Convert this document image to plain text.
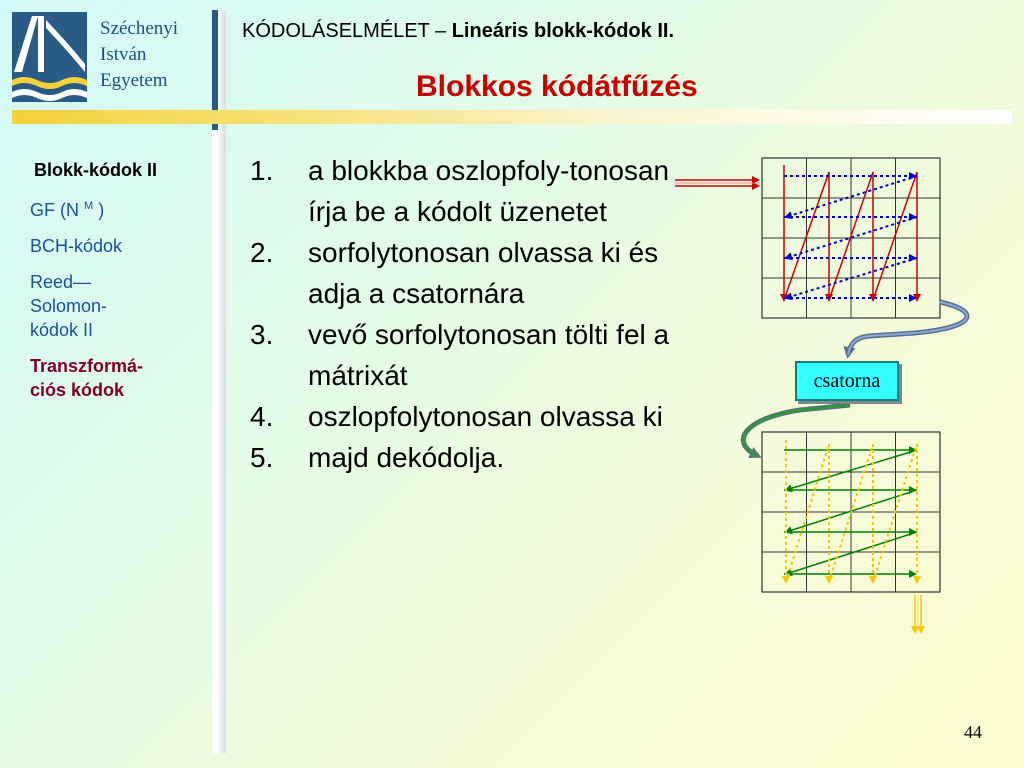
Széchenyi
István
Egyetem
KÓDOLÁSELMÉLET – Lineáris blokk-kódok II.
Blokkos kódátfűzés
Blokk-kódok II
GF (N $^M$ )
BCH-kódok
Reed—
Solomon-
kódok II
Transzformá-
ciós kódok
1.	a blokkba oszlopfoly-tonosan írja be a kódolt üzenetet
2.	sorfolytonosan olvassa ki és adja a csatornára
3.	vevő sorfolytonosan tölti fel a mátrixát
4.	oszlopfolytonosan olvassa ki
5.	majd dekódolja.
csatorna
44
